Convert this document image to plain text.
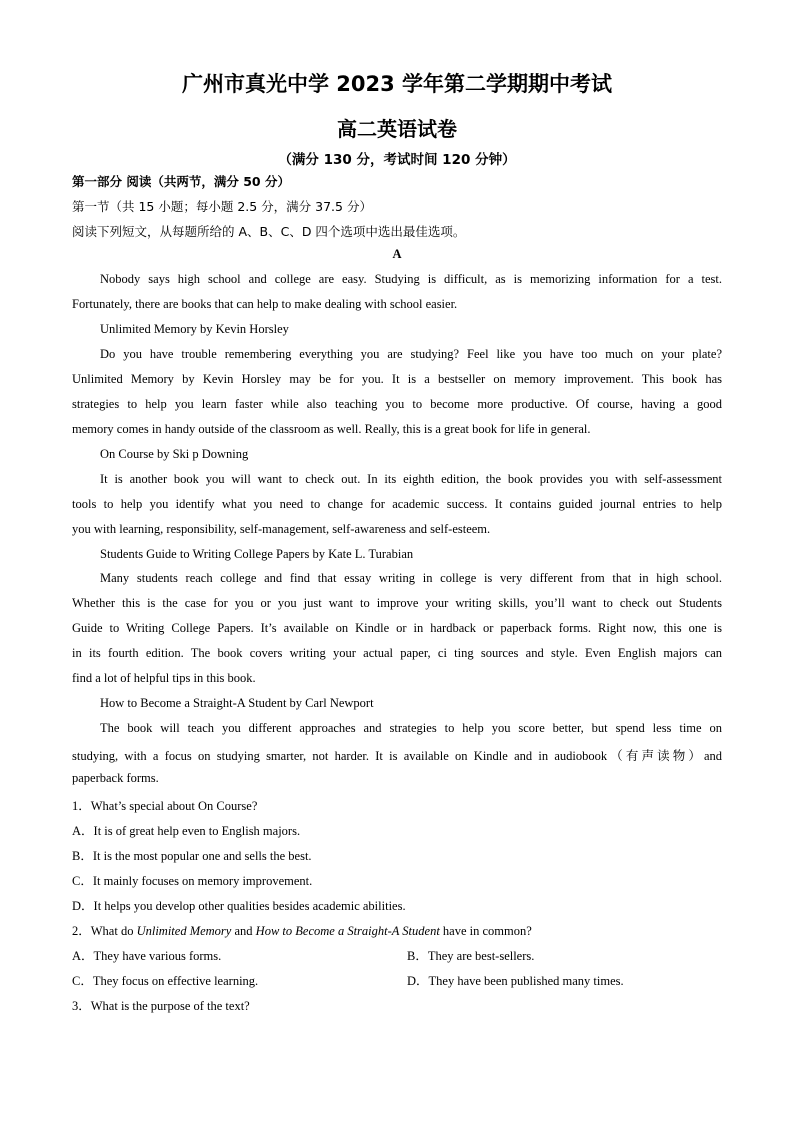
广州市真光中学 2023 学年第二学期期中考试
高二英语试卷
（满分 130 分，考试时间 120 分钟）
第一部分 阅读（共两节，满分 50 分）
第一节（共 15 小题；每小题 2.5 分，满分 37.5 分）
阅读下列短文，从每题所给的 A、B、C、D 四个选项中选出最佳选项。
A
Nobody says high school and college are easy. Studying is difficult, as is memorizing information for a test.
Fortunately, there are books that can help to make dealing with school easier.
Unlimited Memory by Kevin Horsley
Do you have trouble remembering everything you are studying? Feel like you have too much on your plate?
Unlimited Memory by Kevin Horsley may be for you. It is a bestseller on memory improvement. This book has
strategies to help you learn faster while also teaching you to become more productive. Of course, having a good
memory comes in handy outside of the classroom as well. Really, this is a great book for life in general.
On Course by Ski p Downing
It is another book you will want to check out. In its eighth edition, the book provides you with self-assessment
tools to help you identify what you need to change for academic success. It contains guided journal entries to help
you with learning, responsibility, self-management, self-awareness and self-esteem.
Students Guide to Writing College Papers by Kate L. Turabian
Many students reach college and find that essay writing in college is very different from that in high school.
Whether this is the case for you or you just want to improve your writing skills, you’ll want to check out Students
Guide to Writing College Papers. It’s available on Kindle or in hardback or paperback forms. Right now, this one is
in its fourth edition. The book covers writing your actual paper, ci ting sources and style. Even English majors can
find a lot of helpful tips in this book.
How to Become a Straight-A Student by Carl Newport
The book will teach you different approaches and strategies to help you score better, but spend less time on
studying, with a focus on studying smarter, not harder. It is available on Kindle and in audiobook（有声读物）and
paperback forms.
1．What’s special about On Course?
A．It is of great help even to English majors.
B．It is the most popular one and sells the best.
C．It mainly focuses on memory improvement.
D．It helps you develop other qualities besides academic abilities.
2．What do Unlimited Memory and How to Become a Straight-A Student have in common?
A．They have various forms.	B．They are best-sellers.
C．They focus on effective learning.	D．They have been published many times.
3．What is the purpose of the text?
